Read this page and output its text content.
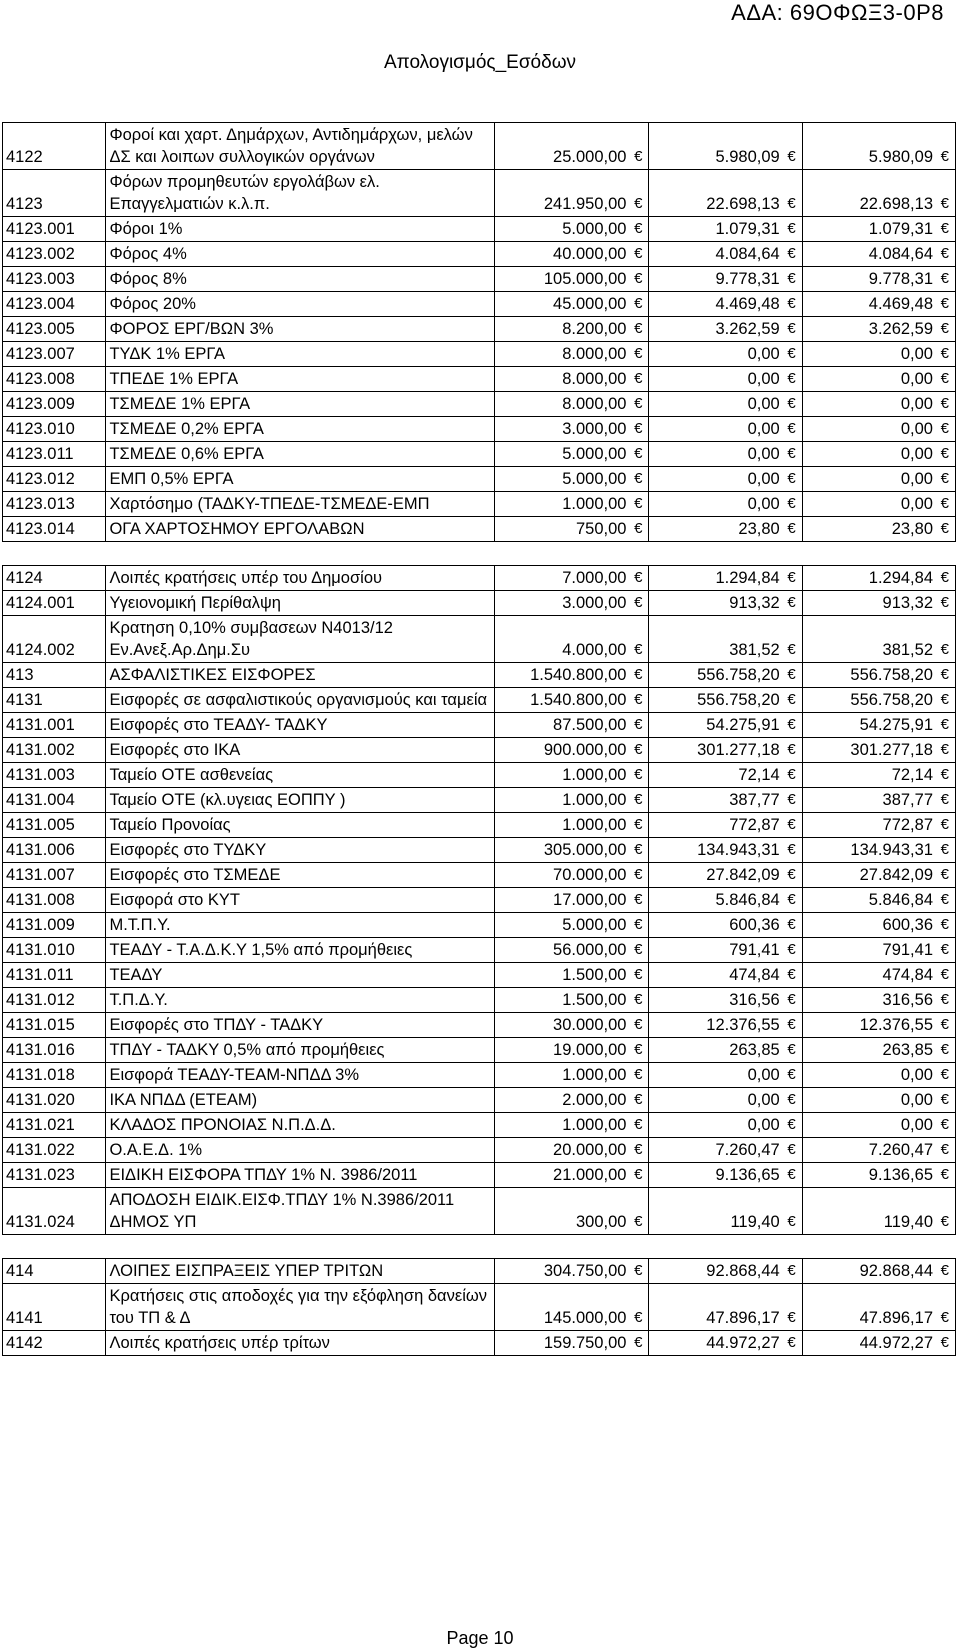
ΑΔΑ: 69ΟΦΩΞ3-0Ρ8
Απολογισμός_Εσόδων
4122	Φοροί και χαρτ. Δημάρχων, Αντιδημάρχων, μελών ΔΣ και λοιπων συλλογικών οργάνων	25.000,00 €	5.980,09 €	5.980,09 €
4123	Φόρων προμηθευτών εργολάβων ελ. Επαγγελματιών κ.λ.π.	241.950,00 €	22.698,13 €	22.698,13 €
4123.001	Φόροι 1%	5.000,00 €	1.079,31 €	1.079,31 €
4123.002	Φόρος 4%	40.000,00 €	4.084,64 €	4.084,64 €
4123.003	Φόρος 8%	105.000,00 €	9.778,31 €	9.778,31 €
4123.004	Φόρος 20%	45.000,00 €	4.469,48 €	4.469,48 €
4123.005	ΦΟΡΟΣ ΕΡΓ/ΒΩΝ 3%	8.200,00 €	3.262,59 €	3.262,59 €
4123.007	ΤΥΔΚ 1% ΕΡΓΑ	8.000,00 €	0,00 €	0,00 €
4123.008	ΤΠΕΔΕ 1% ΕΡΓΑ	8.000,00 €	0,00 €	0,00 €
4123.009	ΤΣΜΕΔΕ 1% ΕΡΓΑ	8.000,00 €	0,00 €	0,00 €
4123.010	ΤΣΜΕΔΕ 0,2% ΕΡΓΑ	3.000,00 €	0,00 €	0,00 €
4123.011	ΤΣΜΕΔΕ 0,6% ΕΡΓΑ	5.000,00 €	0,00 €	0,00 €
4123.012	ΕΜΠ 0,5% ΕΡΓΑ	5.000,00 €	0,00 €	0,00 €
4123.013	Χαρτόσημο (ΤΑΔΚΥ-ΤΠΕΔΕ-ΤΣΜΕΔΕ-ΕΜΠ	1.000,00 €	0,00 €	0,00 €
4123.014	ΟΓΑ ΧΑΡΤΟΣΗΜΟΥ ΕΡΓΟΛΑΒΩΝ	750,00 €	23,80 €	23,80 €

4124	Λοιπές κρατήσεις υπέρ του Δημοσίου	7.000,00 €	1.294,84 €	1.294,84 €
4124.001	Υγειονομική Περίθαλψη	3.000,00 €	913,32 €	913,32 €
4124.002	Κρατηση 0,10% συμβασεων Ν4013/12 Εν.Ανεξ.Αρ.Δημ.Συ	4.000,00 €	381,52 €	381,52 €
413	ΑΣΦΑΛΙΣΤΙΚΕΣ ΕΙΣΦΟΡΕΣ	1.540.800,00 €	556.758,20 €	556.758,20 €
4131	Εισφορές σε ασφαλιστικούς οργανισμούς και ταμεία	1.540.800,00 €	556.758,20 €	556.758,20 €
4131.001	Εισφορές στο ΤΕΑΔΥ- ΤΑΔΚΥ	87.500,00 €	54.275,91 €	54.275,91 €
4131.002	Εισφορές στο ΙΚΑ	900.000,00 €	301.277,18 €	301.277,18 €
4131.003	Ταμείο ΟΤΕ ασθενείας	1.000,00 €	72,14 €	72,14 €
4131.004	Ταμείο ΟΤΕ (κλ.υγειας ΕΟΠΠΥ )	1.000,00 €	387,77 €	387,77 €
4131.005	Ταμείο Προνοίας	1.000,00 €	772,87 €	772,87 €
4131.006	Εισφορές στο ΤΥΔΚΥ	305.000,00 €	134.943,31 €	134.943,31 €
4131.007	Εισφορές στο ΤΣΜΕΔΕ	70.000,00 €	27.842,09 €	27.842,09 €
4131.008	Εισφορά στο ΚΥΤ	17.000,00 €	5.846,84 €	5.846,84 €
4131.009	Μ.Τ.Π.Υ.	5.000,00 €	600,36 €	600,36 €
4131.010	ΤΕΑΔΥ - Τ.Α.Δ.Κ.Υ 1,5% από προμήθειες	56.000,00 €	791,41 €	791,41 €
4131.011	ΤΕΑΔΥ	1.500,00 €	474,84 €	474,84 €
4131.012	Τ.Π.Δ.Υ.	1.500,00 €	316,56 €	316,56 €
4131.015	Εισφορές στο ΤΠΔΥ - ΤΑΔΚΥ	30.000,00 €	12.376,55 €	12.376,55 €
4131.016	ΤΠΔΥ - ΤΑΔΚΥ 0,5% από προμήθειες	19.000,00 €	263,85 €	263,85 €
4131.018	Εισφορά ΤΕΑΔΥ-ΤΕΑΜ-ΝΠΔΔ 3%	1.000,00 €	0,00 €	0,00 €
4131.020	ΙΚΑ ΝΠΔΔ (ΕΤΕΑΜ)	2.000,00 €	0,00 €	0,00 €
4131.021	ΚΛΑΔΟΣ ΠΡΟΝΟΙΑΣ Ν.Π.Δ.Δ.	1.000,00 €	0,00 €	0,00 €
4131.022	Ο.Α.Ε.Δ. 1%	20.000,00 €	7.260,47 €	7.260,47 €
4131.023	ΕΙΔΙΚΗ ΕΙΣΦΟΡΑ ΤΠΔΥ 1% Ν. 3986/2011	21.000,00 €	9.136,65 €	9.136,65 €
4131.024	ΑΠΟΔΟΣΗ ΕΙΔΙΚ.ΕΙΣΦ.ΤΠΔΥ 1% Ν.3986/2011 ΔΗΜΟΣ ΥΠ	300,00 €	119,40 €	119,40 €

414	ΛΟΙΠΕΣ ΕΙΣΠΡΑΞΕΙΣ ΥΠΕΡ ΤΡΙΤΩΝ	304.750,00 €	92.868,44 €	92.868,44 €
4141	Κρατήσεις στις αποδοχές για την εξόφληση δανείων του ΤΠ & Δ	145.000,00 €	47.896,17 €	47.896,17 €
4142	Λοιπές κρατήσεις υπέρ τρίτων	159.750,00 €	44.972,27 €	44.972,27 €
Page 10
